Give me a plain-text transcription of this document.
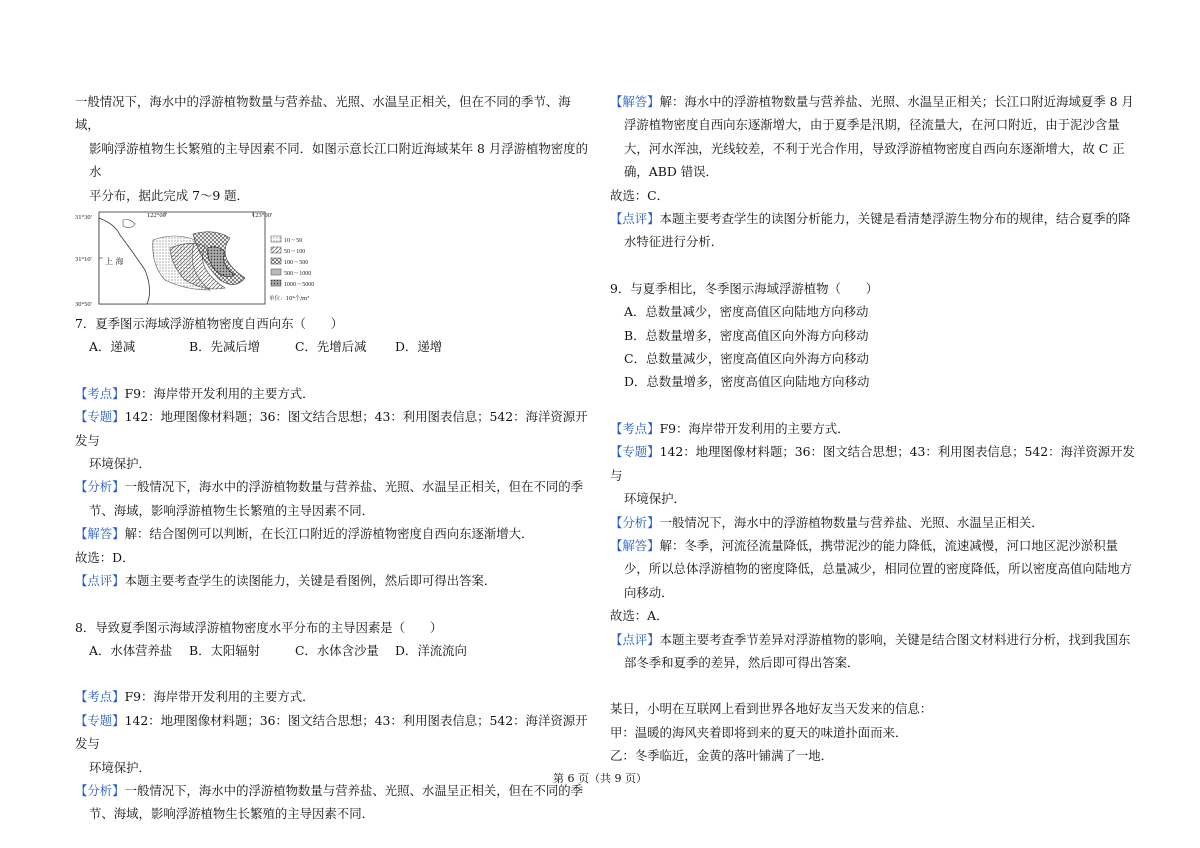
一般情况下，海水中的浮游植物数量与营养盐、光照、水温呈正相关，但在不同的季节、海域，

影响浮游植物生长繁殖的主导因素不同．如图示意长江口附近海域某年 8 月浮游植物密度的水

平分布，据此完成 7～9 题．

31°30'
31°10'
30°50'
122°00'	123°00'
上 海
10 ~ 50
50 ~ 100
100 ~ 500
500 ~ 1000
1000 ~ 5000
单位：10⁴个/m³

7．夏季图示海域浮游植物密度自西向东（　　）

A．递减	B．先减后增	C．先增后减	D．递增

【考点】F9：海岸带开发利用的主要方式．

【专题】142：地理图像材料题；36：图文结合思想；43：利用图表信息；542：海洋资源开发与

环境保护．

【分析】一般情况下，海水中的浮游植物数量与营养盐、光照、水温呈正相关，但在不同的季

节、海域，影响浮游植物生长繁殖的主导因素不同．

【解答】解：结合图例可以判断，在长江口附近的浮游植物密度自西向东逐渐增大．

故选：D．

【点评】本题主要考查学生的读图能力，关键是看图例，然后即可得出答案．

8．导致夏季图示海域浮游植物密度水平分布的主导因素是（　　）

A．水体营养盐	B．太阳辐射	C．水体含沙量	D．洋流流向

【考点】F9：海岸带开发利用的主要方式．

【专题】142：地理图像材料题；36：图文结合思想；43：利用图表信息；542：海洋资源开发与

环境保护．

【分析】一般情况下，海水中的浮游植物数量与营养盐、光照、水温呈正相关，但在不同的季

节、海域，影响浮游植物生长繁殖的主导因素不同．

【解答】解：海水中的浮游植物数量与营养盐、光照、水温呈正相关；长江口附近海域夏季 8 月

浮游植物密度自西向东逐渐增大，由于夏季是汛期，径流量大，在河口附近，由于泥沙含量

大，河水浑浊，光线较差，不利于光合作用，导致浮游植物密度自西向东逐渐增大，故 C 正

确，ABD 错误．

故选：C．

【点评】本题主要考查学生的读图分析能力，关键是看清楚浮游生物分布的规律，结合夏季的降

水特征进行分析．

9．与夏季相比，冬季图示海域浮游植物（　　）

A．总数量减少，密度高值区向陆地方向移动

B．总数量增多，密度高值区向外海方向移动

C．总数量减少，密度高值区向外海方向移动

D．总数量增多，密度高值区向陆地方向移动

【考点】F9：海岸带开发利用的主要方式．

【专题】142：地理图像材料题；36：图文结合思想；43：利用图表信息；542：海洋资源开发与

环境保护．

【分析】一般情况下，海水中的浮游植物数量与营养盐、光照、水温呈正相关．

【解答】解：冬季，河流径流量降低，携带泥沙的能力降低，流速减慢，河口地区泥沙淤积量

少，所以总体浮游植物的密度降低，总量减少，相同位置的密度降低，所以密度高值向陆地方

向移动．

故选：A．

【点评】本题主要考查季节差异对浮游植物的影响，关键是结合图文材料进行分析，找到我国东

部冬季和夏季的差异，然后即可得出答案．

某日，小明在互联网上看到世界各地好友当天发来的信息：

甲：温暖的海风夹着即将到来的夏天的味道扑面而来．

乙：冬季临近，金黄的落叶铺满了一地．

第 6 页（共 9 页）
